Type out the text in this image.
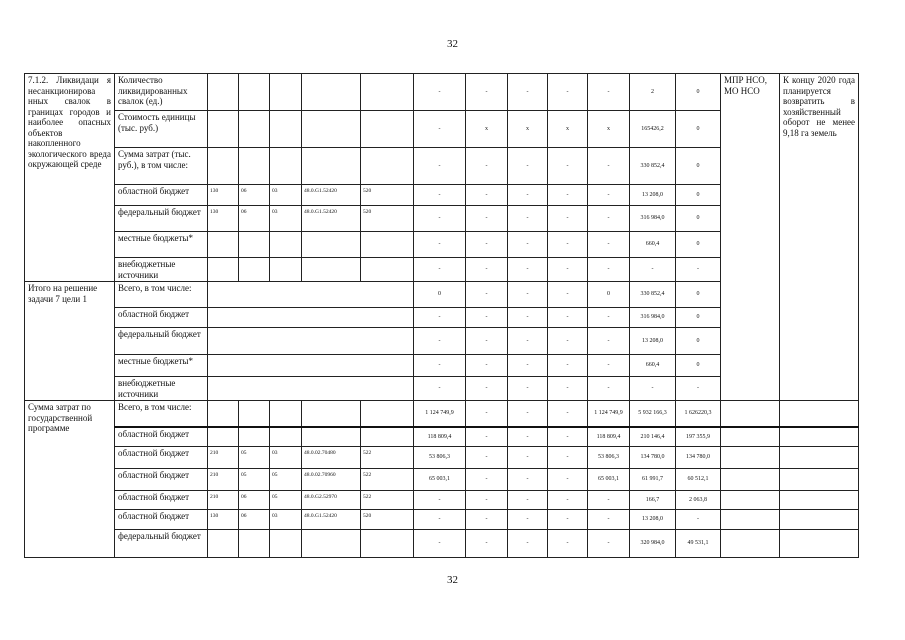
32
7.1.2. Ликвидаци я несанкционирова нных свалок в границах городов и наиболее опасных объектов накопленного экологического вреда окружающей среде	Количество ликвидированных свалок (ед.)						-	-	-	-	-	2	0	МПР НСО, МО НСО	К концу 2020 года планируется возвратить в хозяйственный оборот не менее 9,18 га земель
	Стоимость единицы (тыс. руб.)						-	x	x	x	x	165426,2	0		
	Сумма затрат (тыс. руб.), в том числе:						-	-	-	-	-	330 852,4	0		
	областной бюджет	130	06	03	48.0.G1.52420	520	-	-	-	-	-	13 208,0	0		
	федеральный бюджет	130	06	03	48.0.G1.52420	520	-	-	-	-	-	316 984,0	0		
	местные бюджеты*						-	-	-	-	-	660,4	0		
	внебюджетные источники						-	-	-	-	-	-	-		
Итого на решение задачи 7 цели 1	Всего, в том числе:						0	-	-	-	0	330 852,4	0		
	областной бюджет						-	-	-	-	-	316 984,0	0		
	федеральный бюджет						-	-	-	-	-	13 208,0	0		
	местные бюджеты*						-	-	-	-	-	660,4	0		
	внебюджетные источники						-	-	-	-	-	-	-		
Сумма затрат по государственной программе	Всего, в том числе:						1 124 749,9	-	-	-	1 124 749,9	5 932 166,3	1 626220,3		
	областной бюджет						118 809,4	-	-	-	118 809,4	210 146,4	197 355,9		
	областной бюджет	210	05	03	48.0.02.70480	522	53 806,3	-	-	-	53 806,3	134 780,0	134 780,0		
	областной бюджет	210	05	05	48.0.02.70960	522	65 003,1	-	-	-	65 003,1	61 991,7	60 512,1		
	областной бюджет	210	06	05	48.0.G2.52970	522	-	-	-	-	-	166,7	2 063,8		
	областной бюджет	130	06	03	48.0.G1.52420	520	-	-	-	-	-	13 208,0	-		
	федеральный бюджет						-	-	-	-	-	320 984,0	49 531,1		
32
